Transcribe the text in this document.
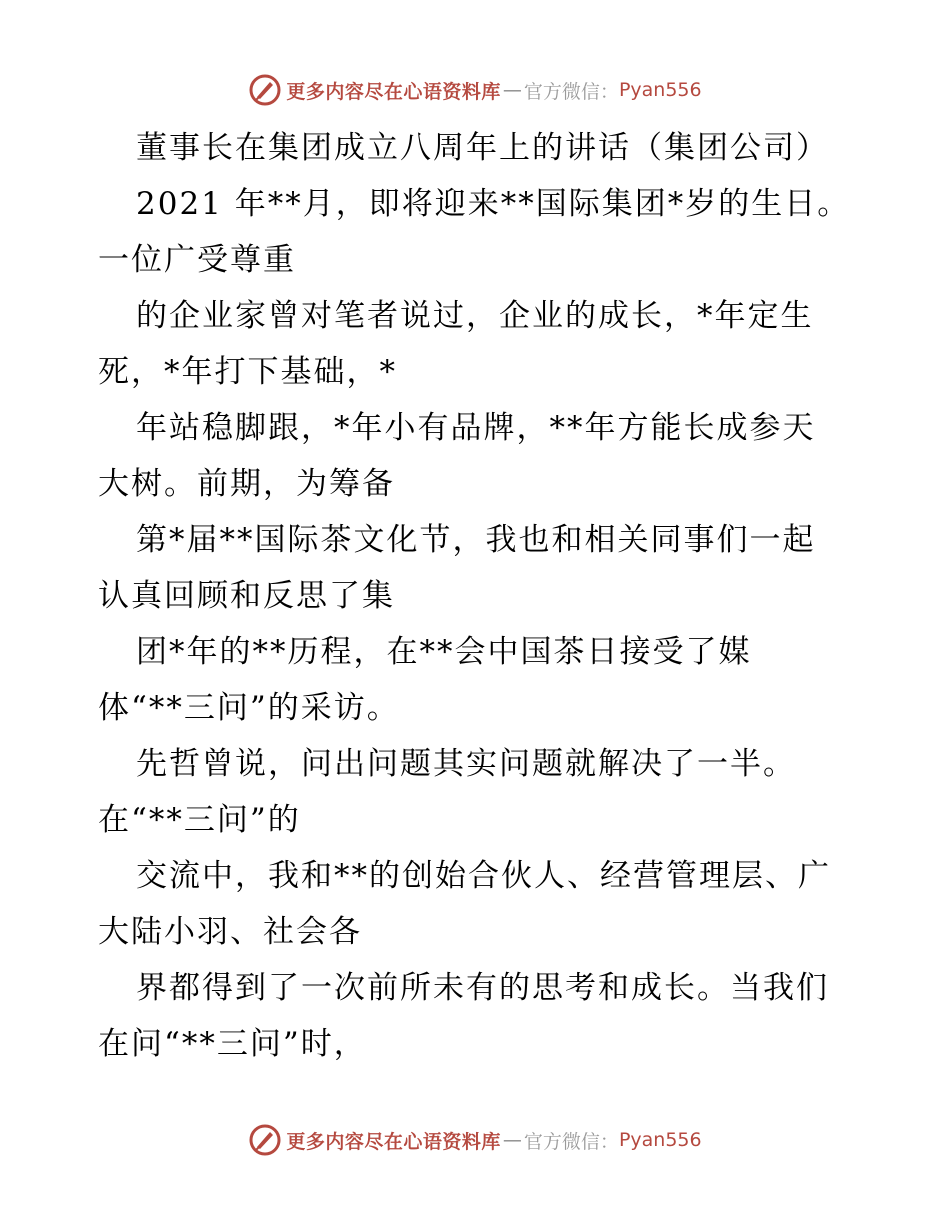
更多内容尽在心语资料库 — 官方微信： Pyan556
董事长在集团成立八周年上的讲话（集团公司）
2021 年**月，即将迎来**国际集团*岁的生日。
一位广受尊重
的企业家曾对笔者说过，企业的成长，*年定生
死，*年打下基础，*
年站稳脚跟，*年小有品牌，**年方能长成参天
大树。前期，为筹备
第*届**国际茶文化节，我也和相关同事们一起
认真回顾和反思了集
团*年的**历程，在**会中国茶日接受了媒
体“**三问”的采访。
先哲曾说，问出问题其实问题就解决了一半。
在“**三问”的
交流中，我和**的创始合伙人、经营管理层、广
大陆小羽、社会各
界都得到了一次前所未有的思考和成长。当我们
在问“**三问”时，
更多内容尽在心语资料库 — 官方微信： Pyan556
